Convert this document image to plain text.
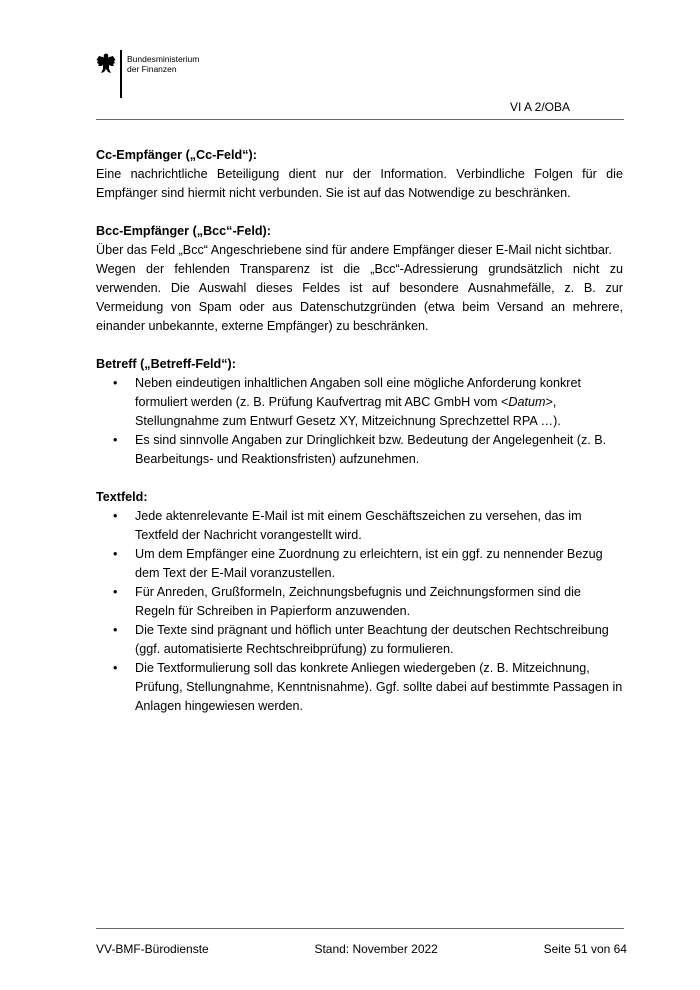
Bundesministerium
der Finanzen
VI A 2/OBA
Cc-Empfänger („Cc-Feld“):
Eine nachrichtliche Beteiligung dient nur der Information. Verbindliche Folgen für die Empfänger sind hiermit nicht verbunden. Sie ist auf das Notwendige zu beschränken.
Bcc-Empfänger („Bcc“-Feld):
Über das Feld „Bcc“ Angeschriebene sind für andere Empfänger dieser E-Mail nicht sichtbar.
Wegen der fehlenden Transparenz ist die „Bcc“-Adressierung grundsätzlich nicht zu verwenden. Die Auswahl dieses Feldes ist auf besondere Ausnahmefälle, z. B. zur Vermeidung von Spam oder aus Datenschutzgründen (etwa beim Versand an mehrere, einander unbekannte, externe Empfänger) zu beschränken.
Betreff („Betreff-Feld“):
• Neben eindeutigen inhaltlichen Angaben soll eine mögliche Anforderung konkret formuliert werden (z. B. Prüfung Kaufvertrag mit ABC GmbH vom <Datum>, Stellungnahme zum Entwurf Gesetz XY, Mitzeichnung Sprechzettel RPA …).
• Es sind sinnvolle Angaben zur Dringlichkeit bzw. Bedeutung der Angelegenheit (z. B. Bearbeitungs- und Reaktionsfristen) aufzunehmen.
Textfeld:
• Jede aktenrelevante E-Mail ist mit einem Geschäftszeichen zu versehen, das im Textfeld der Nachricht vorangestellt wird.
• Um dem Empfänger eine Zuordnung zu erleichtern, ist ein ggf. zu nennender Bezug dem Text der E-Mail voranzustellen.
• Für Anreden, Grußformeln, Zeichnungsbefugnis und Zeichnungsformen sind die Regeln für Schreiben in Papierform anzuwenden.
• Die Texte sind prägnant und höflich unter Beachtung der deutschen Rechtschreibung (ggf. automatisierte Rechtschreibprüfung) zu formulieren.
• Die Textformulierung soll das konkrete Anliegen wiedergeben (z. B. Mitzeichnung, Prüfung, Stellungnahme, Kenntnisnahme). Ggf. sollte dabei auf bestimmte Passagen in Anlagen hingewiesen werden.
VV-BMF-Bürodienste	Stand: November 2022	Seite 51 von 64
